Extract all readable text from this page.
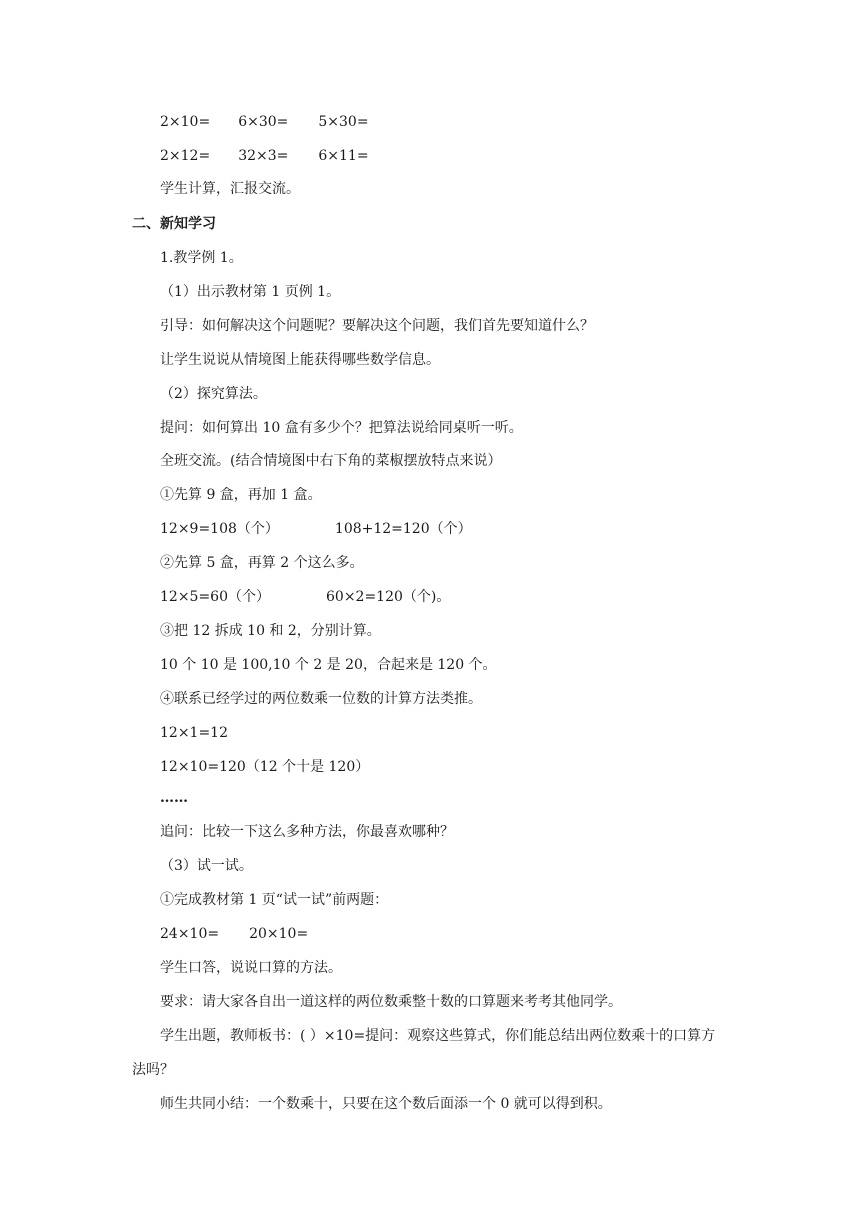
2×10= 6×30= 5×30=
2×12= 32×3= 6×11=
学生计算，汇报交流。
二、新知学习
1.教学例 1。
（1）出示教材第 1 页例 1。
引导：如何解决这个问题呢？要解决这个问题，我们首先要知道什么？
让学生说说从情境图上能获得哪些数学信息。
（2）探究算法。
提问：如何算出 10 盒有多少个？把算法说给同桌听一听。
全班交流。(结合情境图中右下角的菜椒摆放特点来说）
①先算 9 盒，再加 1 盒。
12×9=108（个）	108+12=120（个）
②先算 5 盒，再算 2 个这么多。
12×5=60（个）	60×2=120（个)。
③把 12 拆成 10 和 2，分别计算。
10 个 10 是 100,10 个 2 是 20，合起来是 120 个。
④联系已经学过的两位数乘一位数的计算方法类推。
12×1=12
12×10=120（12 个十是 120）
……
追问：比较一下这么多种方法，你最喜欢哪种？
（3）试一试。
①完成教材第 1 页“试一试”前两题：
24×10= 20×10=
学生口答，说说口算的方法。
要求：请大家各自出一道这样的两位数乘整十数的口算题来考考其他同学。
学生出题，教师板书：( ）×10=提问：观察这些算式，你们能总结出两位数乘十的口算方法吗？
师生共同小结：一个数乘十，只要在这个数后面添一个 0 就可以得到积。
